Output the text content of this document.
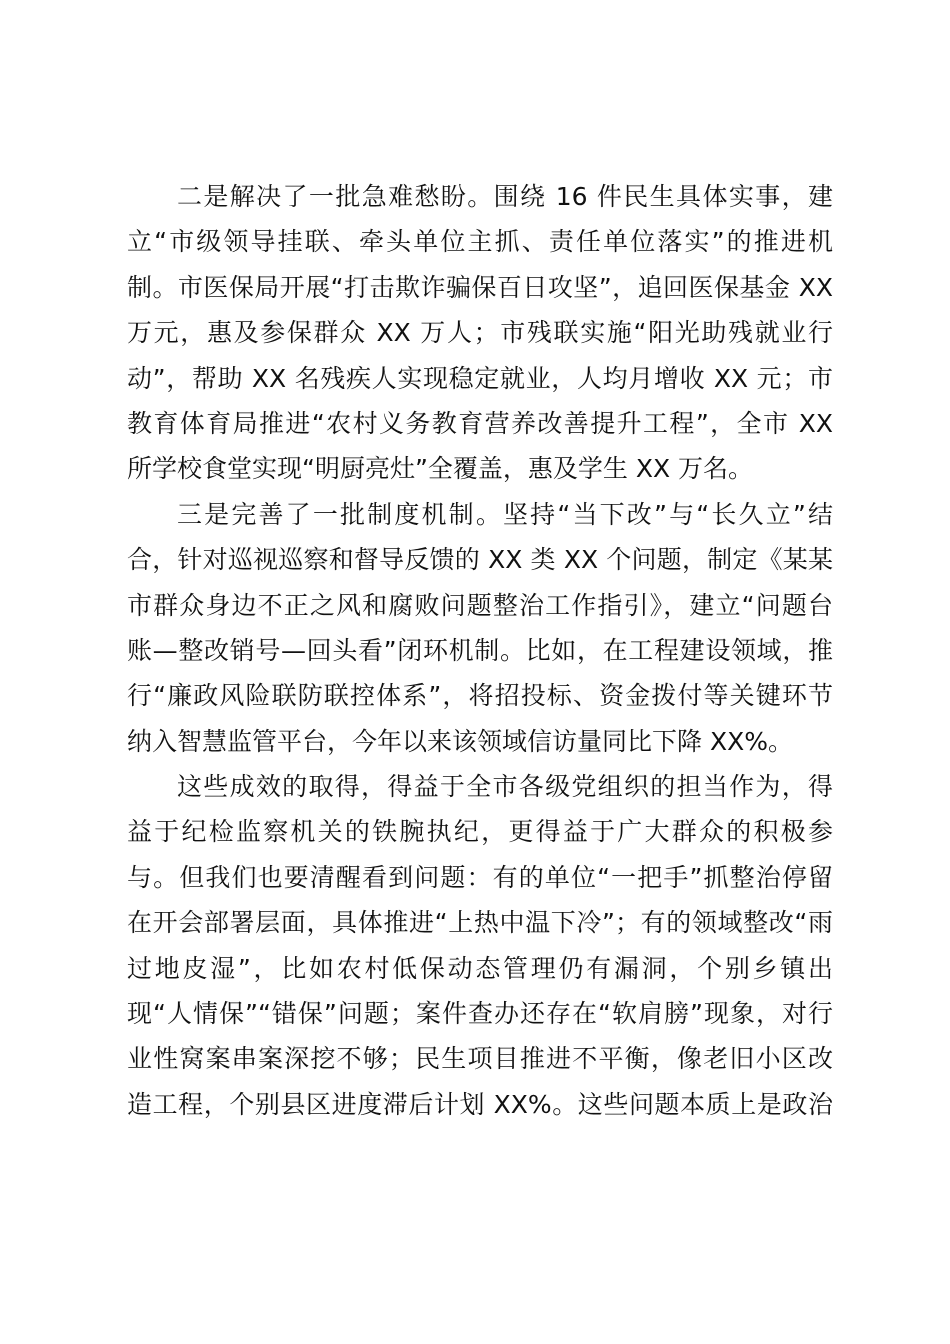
二是解决了一批急难愁盼。围绕 16 件民生具体实事，建
立“市级领导挂联、牵头单位主抓、责任单位落实”的推进机
制。市医保局开展“打击欺诈骗保百日攻坚”，追回医保基金 XX
万元，惠及参保群众 XX 万人；市残联实施“阳光助残就业行
动”，帮助 XX 名残疾人实现稳定就业，人均月增收 XX 元；市
教育体育局推进“农村义务教育营养改善提升工程”，全市 XX
所学校食堂实现“明厨亮灶”全覆盖，惠及学生 XX 万名。
三是完善了一批制度机制。坚持“当下改”与“长久立”结
合，针对巡视巡察和督导反馈的 XX 类 XX 个问题，制定《某某
市群众身边不正之风和腐败问题整治工作指引》，建立“问题台
账—整改销号—回头看”闭环机制。比如，在工程建设领域，推
行“廉政风险联防联控体系”，将招投标、资金拨付等关键环节
纳入智慧监管平台，今年以来该领域信访量同比下降 XX%。
这些成效的取得，得益于全市各级党组织的担当作为，得
益于纪检监察机关的铁腕执纪，更得益于广大群众的积极参
与。但我们也要清醒看到问题：有的单位“一把手”抓整治停留
在开会部署层面，具体推进“上热中温下冷”；有的领域整改“雨
过地皮湿”，比如农村低保动态管理仍有漏洞，个别乡镇出
现“人情保”“错保”问题；案件查办还存在“软肩膀”现象，对行
业性窝案串案深挖不够；民生项目推进不平衡，像老旧小区改
造工程，个别县区进度滞后计划 XX%。这些问题本质上是政治
